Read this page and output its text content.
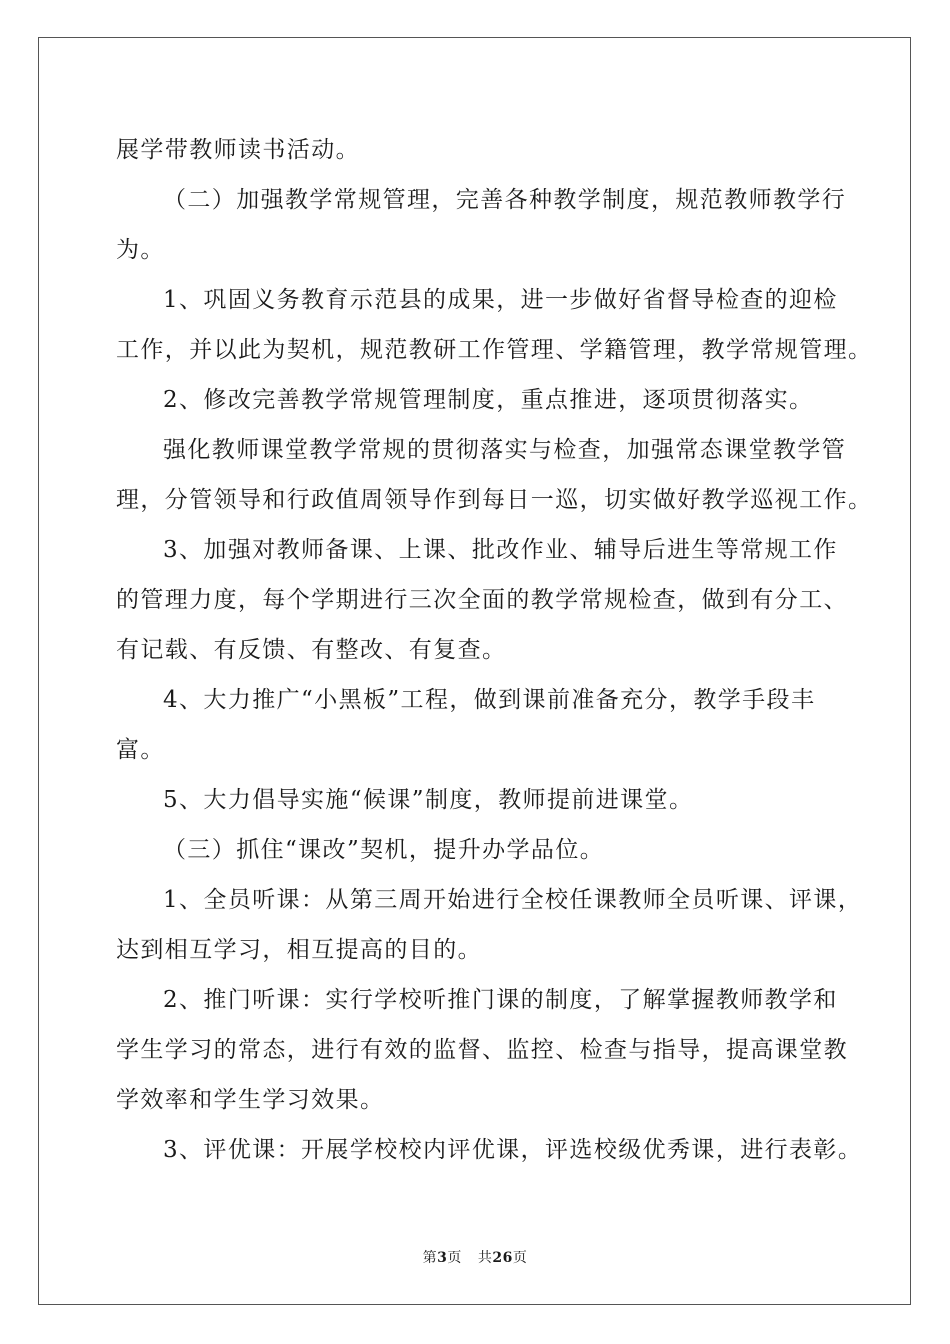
展学带教师读书活动。
（二）加强教学常规管理，完善各种教学制度，规范教师教学行
为。
1、巩固义务教育示范县的成果，进一步做好省督导检查的迎检
工作，并以此为契机，规范教研工作管理、学籍管理，教学常规管理。
2、修改完善教学常规管理制度，重点推进，逐项贯彻落实。
强化教师课堂教学常规的贯彻落实与检查，加强常态课堂教学管
理，分管领导和行政值周领导作到每日一巡，切实做好教学巡视工作。
3、加强对教师备课、上课、批改作业、辅导后进生等常规工作
的管理力度，每个学期进行三次全面的教学常规检查，做到有分工、
有记载、有反馈、有整改、有复查。
4、大力推广“小黑板”工程，做到课前准备充分，教学手段丰
富。
5、大力倡导实施“候课”制度，教师提前进课堂。
（三）抓住“课改”契机，提升办学品位。
1、全员听课：从第三周开始进行全校任课教师全员听课、评课，
达到相互学习，相互提高的目的。
2、推门听课：实行学校听推门课的制度，了解掌握教师教学和
学生学习的常态，进行有效的监督、监控、检查与指导，提高课堂教
学效率和学生学习效果。
3、评优课：开展学校校内评优课，评选校级优秀课，进行表彰。
第3页 共26页
